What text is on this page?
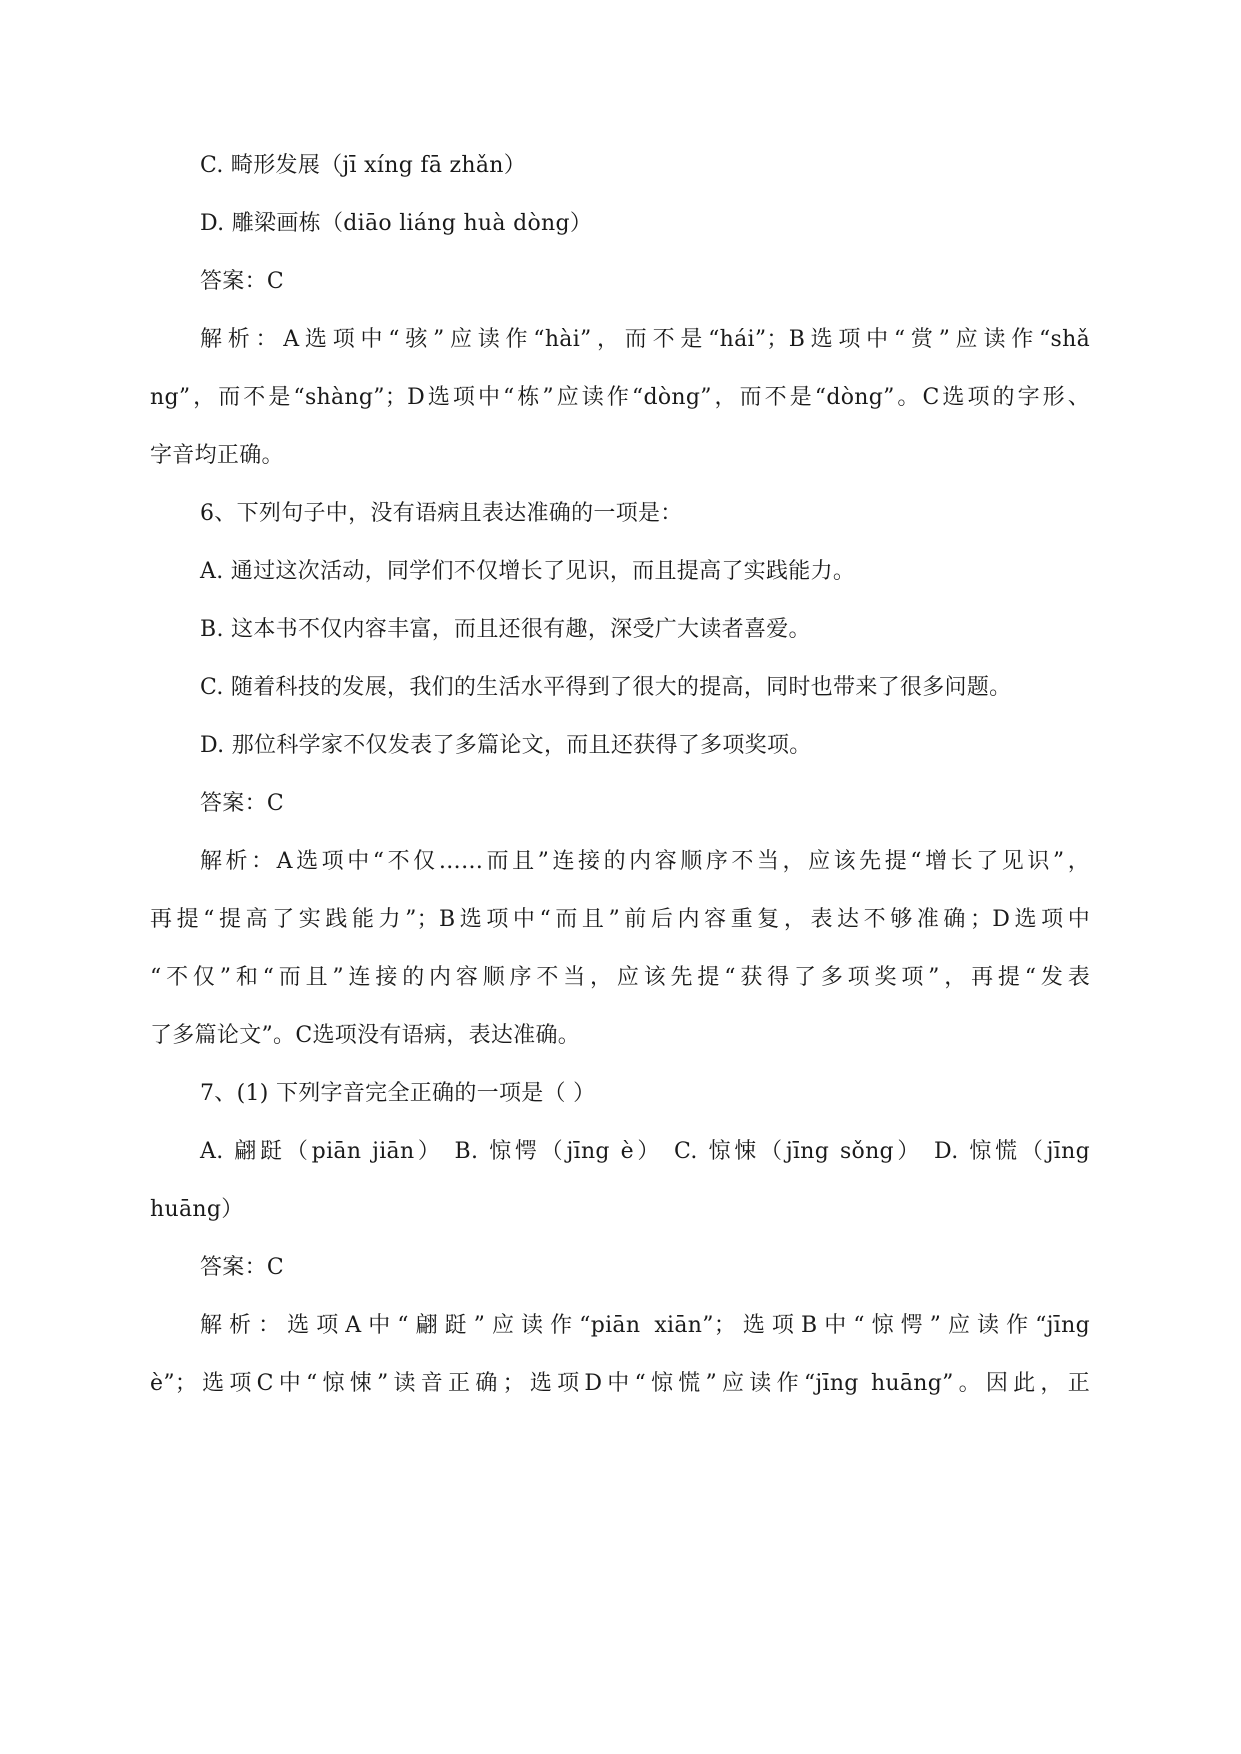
C. 畸形发展（jī xíng fā zhǎn）
D. 雕梁画栋（diāo liáng huà dòng）
答案：C
解析：A选项中“骇”应读作“hài”，而不是“hái”；B选项中“赏”应读作“shǎ
ng”，而不是“shàng”；D选项中“栋”应读作“dòng”，而不是“dòng”。C选项的字形、
字音均正确。
6、下列句子中，没有语病且表达准确的一项是：
A. 通过这次活动，同学们不仅增长了见识，而且提高了实践能力。
B. 这本书不仅内容丰富，而且还很有趣，深受广大读者喜爱。
C. 随着科技的发展，我们的生活水平得到了很大的提高，同时也带来了很多问题。
D. 那位科学家不仅发表了多篇论文，而且还获得了多项奖项。
答案：C
解析：A选项中“不仅……而且”连接的内容顺序不当，应该先提“增长了见识”，
再提“提高了实践能力”；B选项中“而且”前后内容重复，表达不够准确；D选项中
“不仅”和“而且”连接的内容顺序不当，应该先提“获得了多项奖项”，再提“发表
了多篇论文”。C选项没有语病，表达准确。
7、(1) 下列字音完全正确的一项是（ ）
A. 翩跹（piān jiān） B. 惊愕（jīng è） C. 惊悚（jīng sǒng） D. 惊慌（jīng
huāng）
答案：C
解析：选项A中“翩跹”应读作“piān xiān”；选项B中“惊愕”应读作“jīng
è”；选项C中“惊悚”读音正确；选项D中“惊慌”应读作“jīng huāng”。因此，正
